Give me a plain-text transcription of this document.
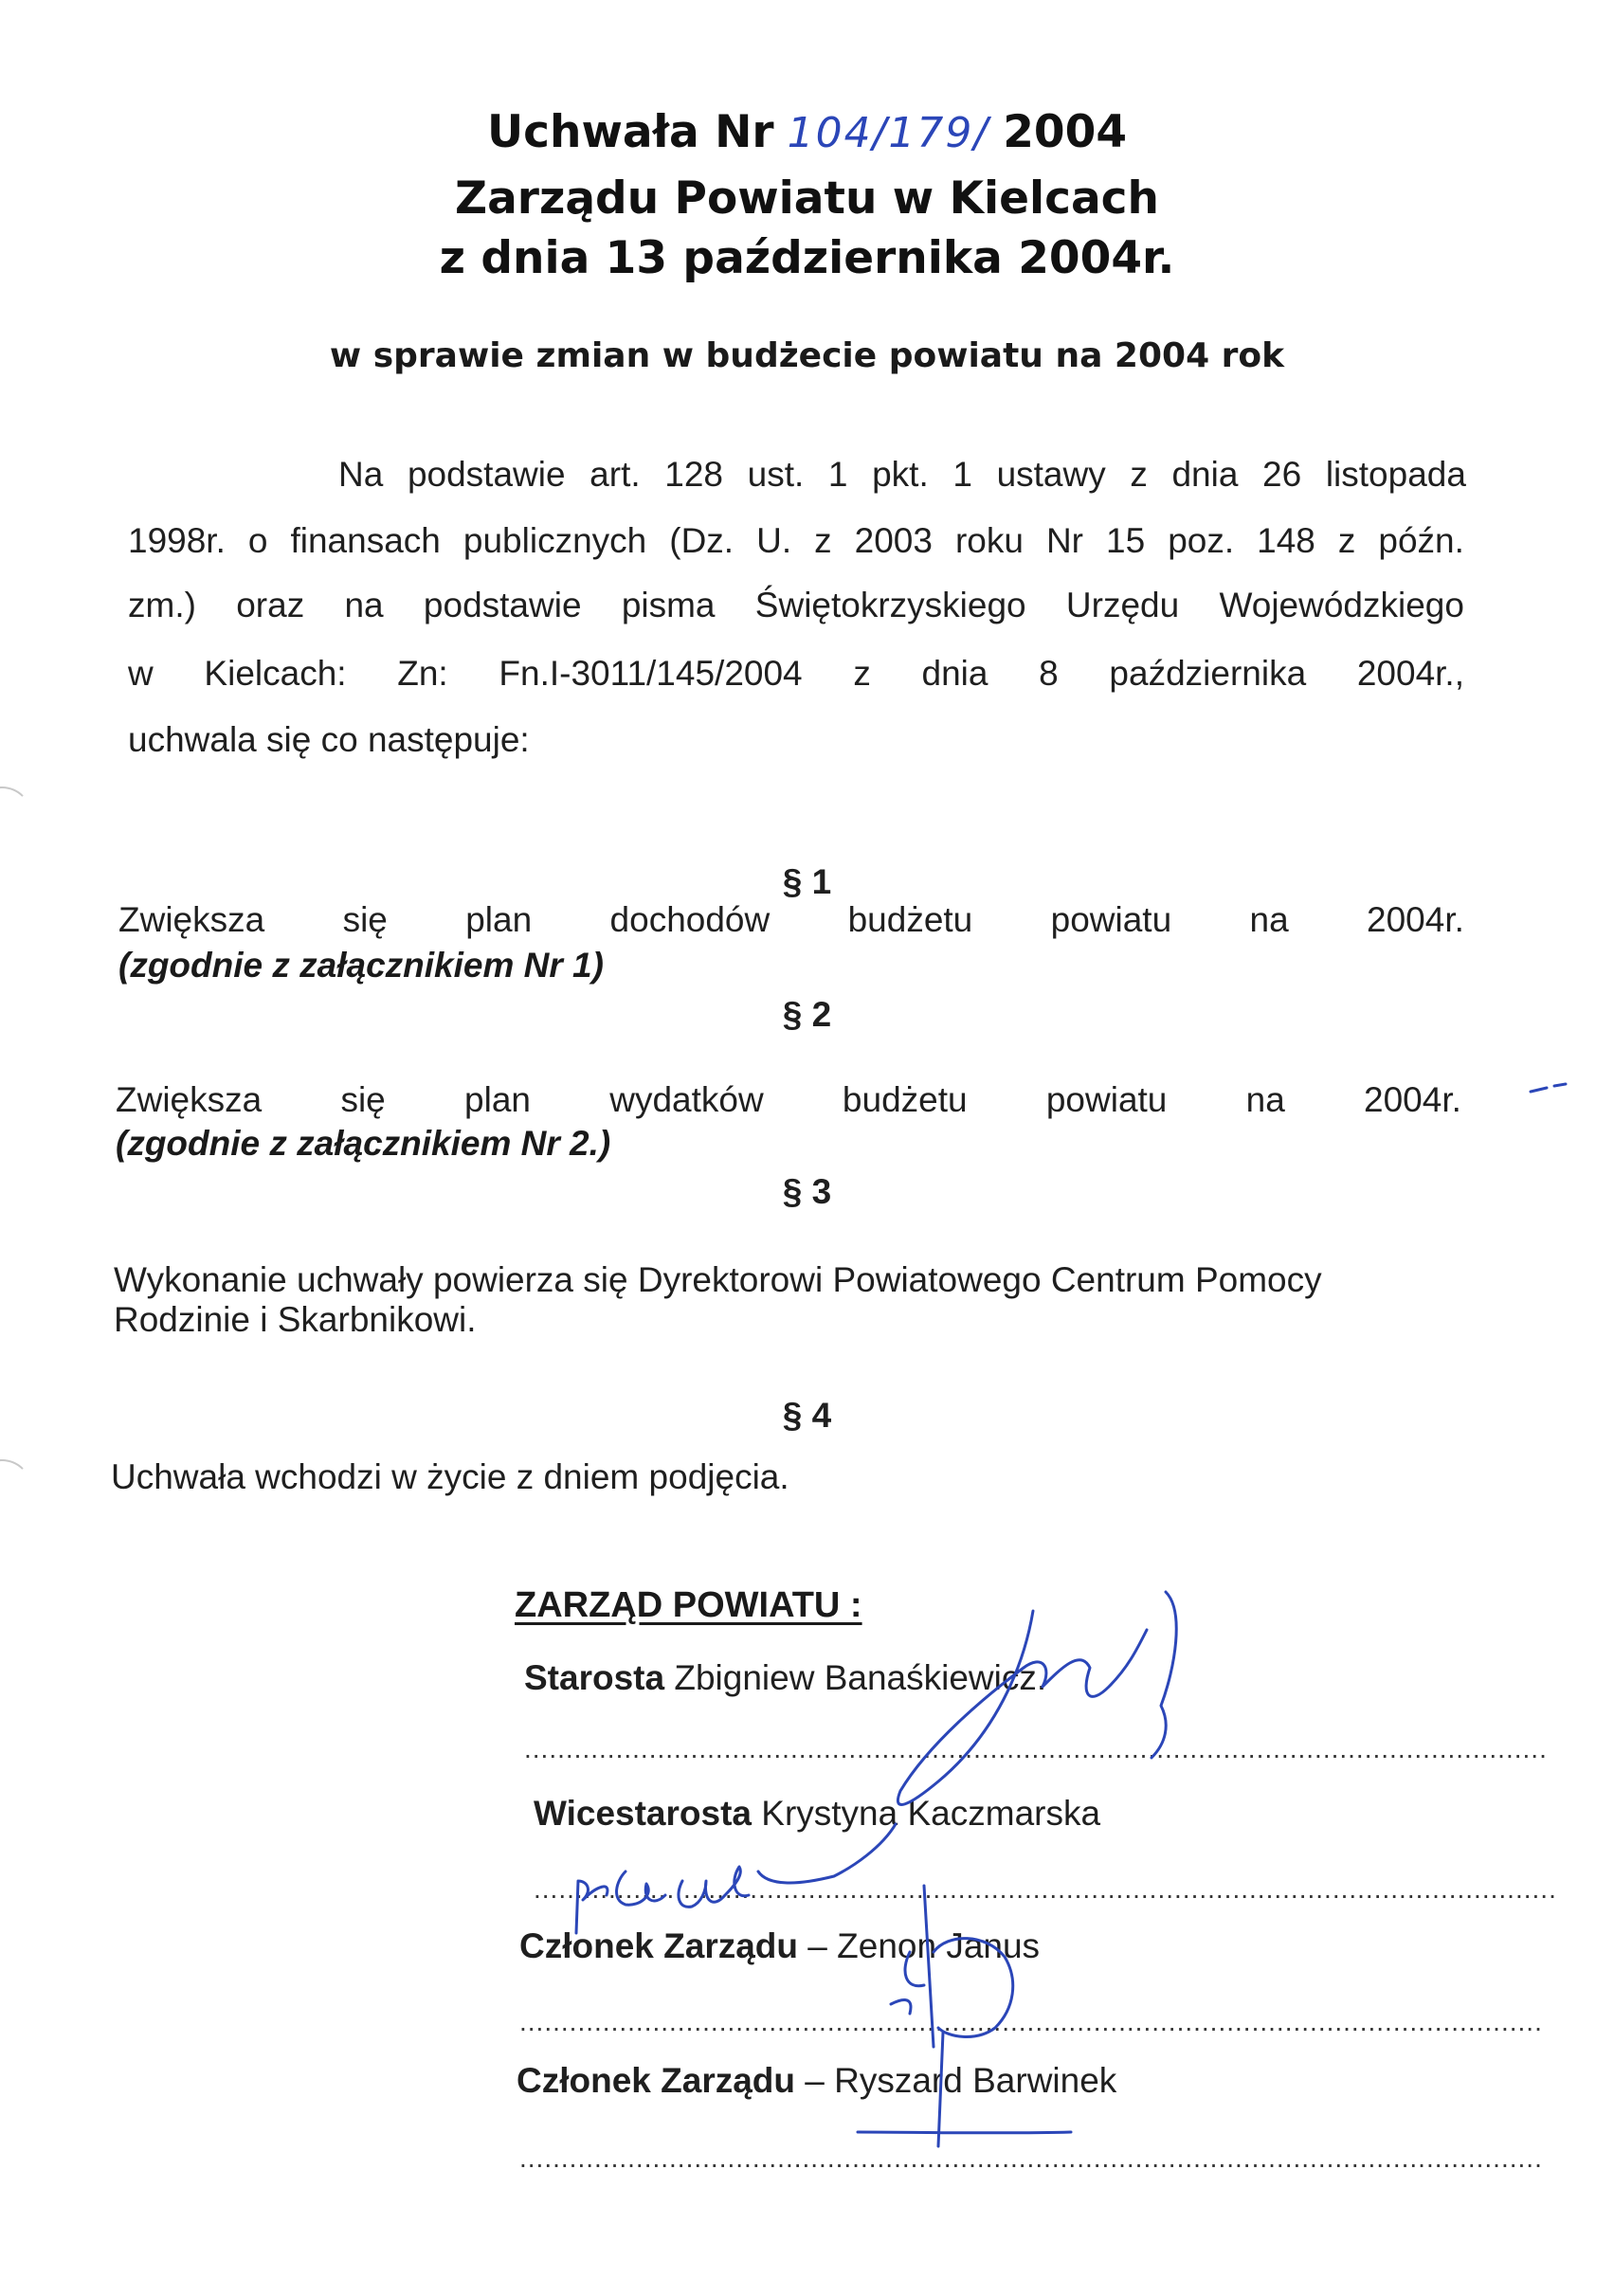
Uchwała Nr 104/179/ 2004
Zarządu Powiatu w Kielcach
z dnia 13 października 2004r.
w sprawie zmian w budżecie powiatu na 2004 rok
Na podstawie art. 128 ust. 1 pkt. 1 ustawy z dnia 26 listopada
1998r. o finansach publicznych (Dz. U. z 2003 roku Nr 15 poz. 148 z późn.
zm.) oraz na podstawie pisma Świętokrzyskiego Urzędu Wojewódzkiego
w Kielcach: Zn: Fn.I-3011/145/2004 z dnia 8 października 2004r.,
uchwala się co następuje:
§ 1
Zwiększa się plan dochodów budżetu powiatu na 2004r.
(zgodnie z załącznikiem Nr 1)
§ 2
Zwiększa się plan wydatków budżetu powiatu na 2004r.
(zgodnie z załącznikiem Nr 2.)
§ 3
Wykonanie uchwały powierza się Dyrektorowi Powiatowego Centrum Pomocy
Rodzinie i Skarbnikowi.
§ 4
Uchwała wchodzi w życie z dniem podjęcia.
ZARZĄD POWIATU :
Starosta Zbigniew Banaśkiewicz.
...........................................................................................................................
Wicestarosta Krystyna Kaczmarska
...........................................................................................................................
Członek Zarządu – Zenon Janus
...........................................................................................................................
Członek Zarządu – Ryszard Barwinek
...........................................................................................................................
